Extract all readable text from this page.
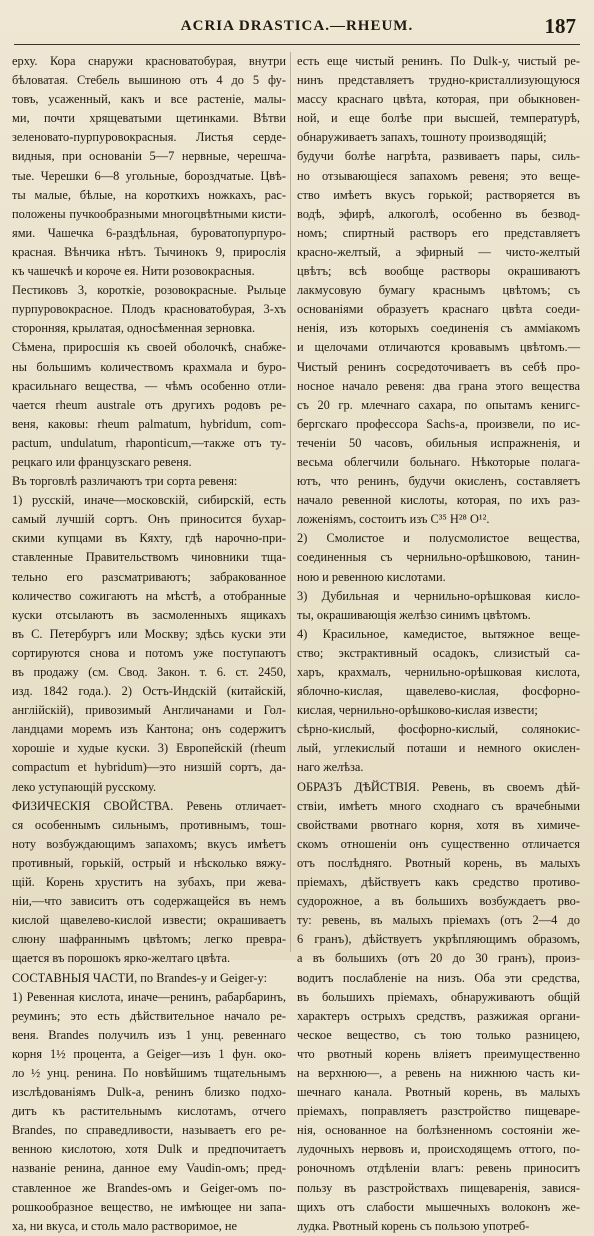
ACRIA DRASTICA.—RHEUM.	187
ерху. Кора снаружи красноватобурая, внутри
бѣловатая. Стебель вышиною отъ 4 до 5 фу-
товъ, усаженный, какъ и все растеніе, малы-
ми, почти хрящеватыми щетинками. Вѣтви
зеленовато-пурпуровокрасныя. Листья серде-
видныя, при основаніи 5—7 нервные, черешча-
тые. Черешки 6—8 угольные, бороздчатые. Цвѣ-
ты малые, бѣлые, на короткихъ ножкахъ, рас-
положены пучкообразными многоцвѣтными кисти-
ями. Чашечка 6-раздѣльная, буроватопурпуро-
красная. Вѣнчика нѣтъ. Тычинокъ 9, прирослія
къ чашечкѣ и короче ея. Нити розовокрасныя.
Пестиковъ 3, короткіе, розовокрасные. Рыльце
пурпуровокрасное. Плодъ красноватобурая, 3-хъ
сторонняя, крылатая, односѣменная зерновка.
Сѣмена, приросшія къ своей оболочкѣ, снабже-
ны большимъ количествомъ крахмала и буро-
красильнаго вещества, — чѣмъ особенно отли-
чается rheum australe отъ другихъ родовъ ре-
веня, каковы: rheum palmatum, hybridum, com-
pactum, undulatum, rhaponticum,—также отъ ту-
рецкаго или французскаго ревеня.
Въ торговлѣ различаютъ три сорта ревеня:
1) русскій, иначе—московскій, сибирскій, есть
самый лучшій сортъ. Онъ приносится бухар-
скими купцами въ Кяхту, гдѣ нарочно-при-
ставленные Правительствомъ чиновники тща-
тельно его разсматриваютъ; забракованное
количество сожигаютъ на мѣстѣ, а отобранные
куски отсылаютъ въ засмоленныхъ ящикахъ
въ С. Петербургъ или Москву; здѣсь куски эти
сортируются снова и потомъ уже поступаютъ
въ продажу (см. Свод. Закон. т. 6. ст. 2450,
изд. 1842 года.). 2) Остъ-Индскій (китайскій,
англійскій), привозимый Англичанами и Гол-
ландцами моремъ изъ Кантона; онъ содержитъ
хорошіе и худые куски. 3) Европейскій (rheum
compactum et hybridum)—это низшій сортъ, да-
леко уступающій русскому.
ФИЗИЧЕСКІЯ СВОЙСТВА. Ревень отличает-
ся особеннымъ сильнымъ, противнымъ, тош-
ноту возбуждающимъ запахомъ; вкусъ имѣетъ
противный, горькій, острый и нѣсколько вяжу-
щій. Корень хруститъ на зубахъ, при жева-
ніи,—что зависитъ отъ содержащейся въ немъ
кислой щавелево-кислой извести; окрашиваетъ
слюну шафраннымъ цвѣтомъ; легко превра-
щается въ порошокъ ярко-желтаго цвѣта.
СОСТАВНЫЯ ЧАСТИ, по Brandes-у и Geiger-у:
1) Ревенная кислота, иначе—ренинъ, рабарбаринъ,
реуминъ; это есть дѣйствительное начало ре-
веня. Brandes получилъ изъ 1 унц. ревеннаго
корня 1½ процента, а Geiger—изъ 1 фун. око-
ло ½ унц. ренина. По новѣйшимъ тщательнымъ
изслѣдованіямъ Dulk-a, ренинъ близко подхо-
дитъ къ растительнымъ кислотамъ, отчего
Brandes, по справедливости, называетъ его ре-
венною кислотою, хотя Dulk и предпочитаетъ
названіе ренина, данное ему Vaudin-омъ; пред-
ставленное же Brandes-омъ и Geiger-омъ по-
рошкообразное вещество, не имѣющее ни запа-
ха, ни вкуса, и столь мало растворимое, не
есть еще чистый ренинъ. По Dulk-у, чистый ре-
нинъ представляетъ трудно-кристаллизующуюся
массу краснаго цвѣта, которая, при обыкновен-
ной, и еще болѣе при высшей, температурѣ,
обнаруживаетъ запахъ, тошноту производящій;
будучи болѣе нагрѣта, развиваетъ пары, силь-
но отзывающіеся запахомъ ревеня; это веще-
ство имѣетъ вкусъ горькой; растворяется въ
водѣ, эфирѣ, алкоголѣ, особенно въ безвод-
номъ; спиртный растворъ его представляетъ
красно-желтый, а эфирный — чисто-желтый
цвѣтъ; всѣ вообще растворы окрашиваютъ
лакмусовую бумагу краснымъ цвѣтомъ; съ
основаніями образуетъ краснаго цвѣта соеди-
ненія, изъ которыхъ соединенія съ амміакомъ
и щелочами отличаются кровавымъ цвѣтомъ.—
Чистый ренинъ сосредоточиваетъ въ себѣ про-
носное начало ревеня: два грана этого вещества
съ 20 гр. млечнаго сахара, по опытамъ кенигс-
бергскаго профессора Sachs-a, произвели, по ис-
теченіи 50 часовъ, обильныя испражненія, и
весьма облегчили больнаго. Нѣкоторые полага-
ютъ, что ренинъ, будучи окисленъ, составляетъ
начало ревенной кислоты, которая, по ихъ раз-
ложеніямъ, состоитъ изъ C³⁵ H²⁸ O¹².
2) Смолистое и полусмолистое вещества,
соединенныя съ чернильно-орѣшковою, танин-
ною и ревенною кислотами.
3) Дубильная и чернильно-орѣшковая кисло-
ты, окрашивающія желѣзо синимъ цвѣтомъ.
4) Красильное, камедистое, вытяжное веще-
ство; экстрактивный осадокъ, слизистый са-
харъ, крахмалъ, чернильно-орѣшковая кислота,
яблочно-кислая, щавелево-кислая, фосфорно-
кислая, чернильно-орѣшково-кислая извести;
сѣрно-кислый, фосфорно-кислый, солянокис-
лый, углекислый поташи и немного окислен-
наго желѣза.
ОБРАЗЪ ДѢЙСТВІЯ. Ревень, въ своемъ дѣй-
ствіи, имѣетъ много сходнаго съ врачебными
свойствами рвотнаго корня, хотя въ химиче-
скомъ отношеніи онъ существенно отличается
отъ послѣдняго. Рвотный корень, въ малыхъ
пріемахъ, дѣйствуетъ какъ средство противо-
судорожное, а въ большихъ возбуждаетъ рво-
ту: ревень, въ малыхъ пріемахъ (отъ 2—4 до
6 гранъ), дѣйствуетъ укрѣпляющимъ образомъ,
а въ большихъ (отъ 20 до 30 гранъ), произ-
водитъ послабленіе на низъ. Оба эти средства,
въ большихъ пріемахъ, обнаруживаютъ общій
характеръ острыхъ средствъ, разжижая органи-
ческое вещество, съ тою только разницею,
что рвотный корень вліяетъ преимущественно
на верхнюю—, а ревень на нижнюю часть ки-
шечнаго канала. Рвотный корень, въ малыхъ
пріемахъ, поправляетъ разстройство пищеваре-
нія, основанное на болѣзненномъ состояніи же-
лудочныхъ нервовъ и, происходящемъ оттого, по-
роночномъ отдѣленіи влагъ: ревень приноситъ
пользу въ разстройствахъ пищеваренія, завися-
щихъ отъ слабости мышечныхъ волоконъ же-
лудка. Рвотный корень съ пользою употреб-
